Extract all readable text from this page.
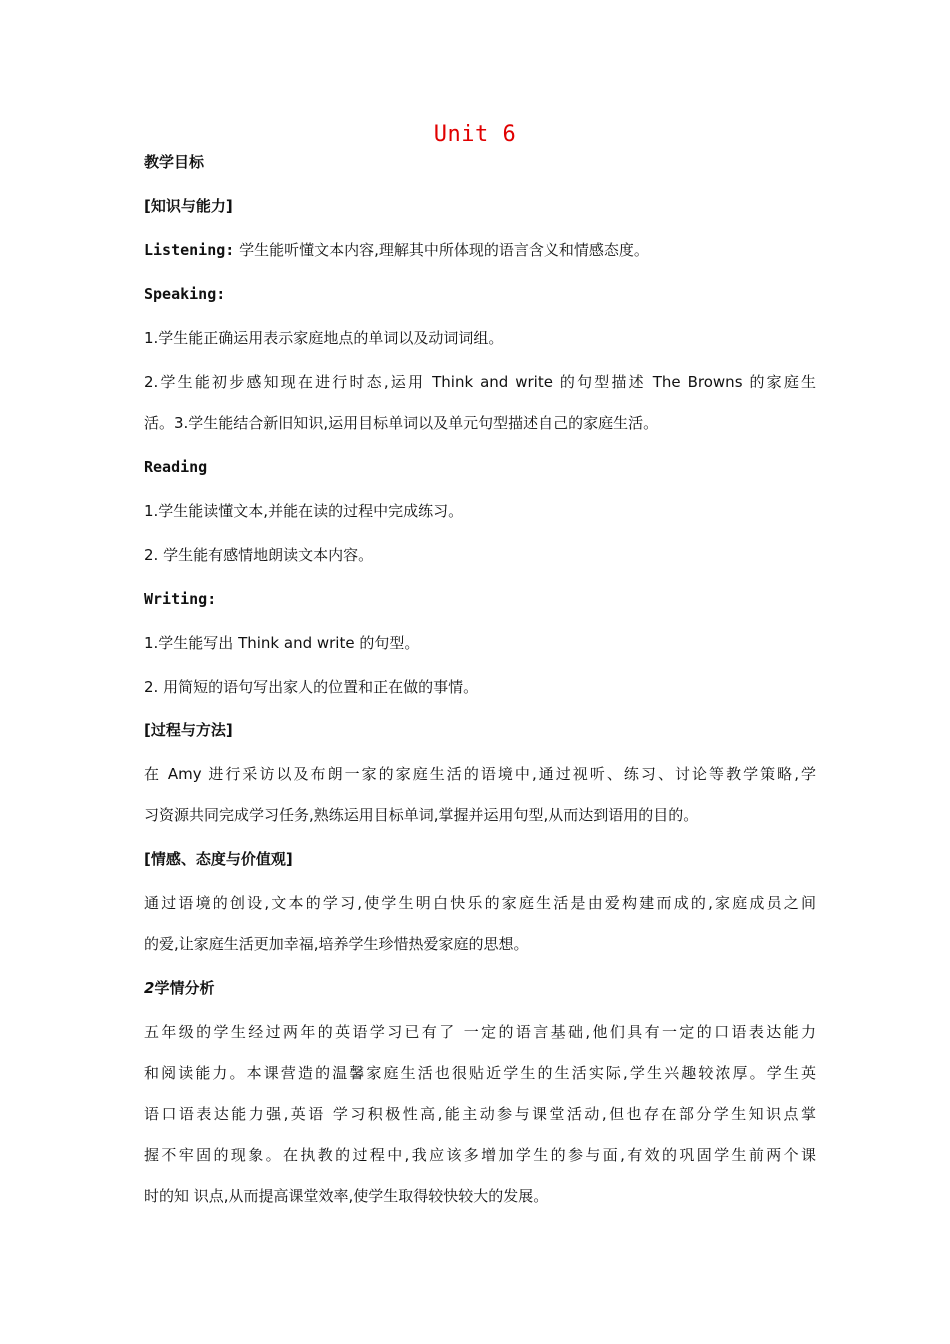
Unit 6
教学目标
[知识与能力]
Listening: 学生能听懂文本内容,理解其中所体现的语言含义和情感态度。
Speaking:
1.学生能正确运用表示家庭地点的单词以及动词词组。
2.学生能初步感知现在进行时态,运用 Think and write 的句型描述 The Browns 的家庭生
活。3.学生能结合新旧知识,运用目标单词以及单元句型描述自己的家庭生活。
Reading
1.学生能读懂文本,并能在读的过程中完成练习。
2. 学生能有感情地朗读文本内容。
Writing:
1.学生能写出 Think and write 的句型。
2. 用简短的语句写出家人的位置和正在做的事情。
[过程与方法]
在 Amy 进行采访以及布朗一家的家庭生活的语境中,通过视听、练习、讨论等教学策略,学
习资源共同完成学习任务,熟练运用目标单词,掌握并运用句型,从而达到语用的目的。
[情感、态度与价值观]
通过语境的创设,文本的学习,使学生明白快乐的家庭生活是由爱构建而成的,家庭成员之间
的爱,让家庭生活更加幸福,培养学生珍惜热爱家庭的思想。
2学情分析
五年级的学生经过两年的英语学习已有了 一定的语言基础,他们具有一定的口语表达能力
和阅读能力。本课营造的温馨家庭生活也很贴近学生的生活实际,学生兴趣较浓厚。学生英
语口语表达能力强,英语 学习积极性高,能主动参与课堂活动,但也存在部分学生知识点掌
握不牢固的现象。在执教的过程中,我应该多增加学生的参与面,有效的巩固学生前两个课
时的知 识点,从而提高课堂效率,使学生取得较快较大的发展。
